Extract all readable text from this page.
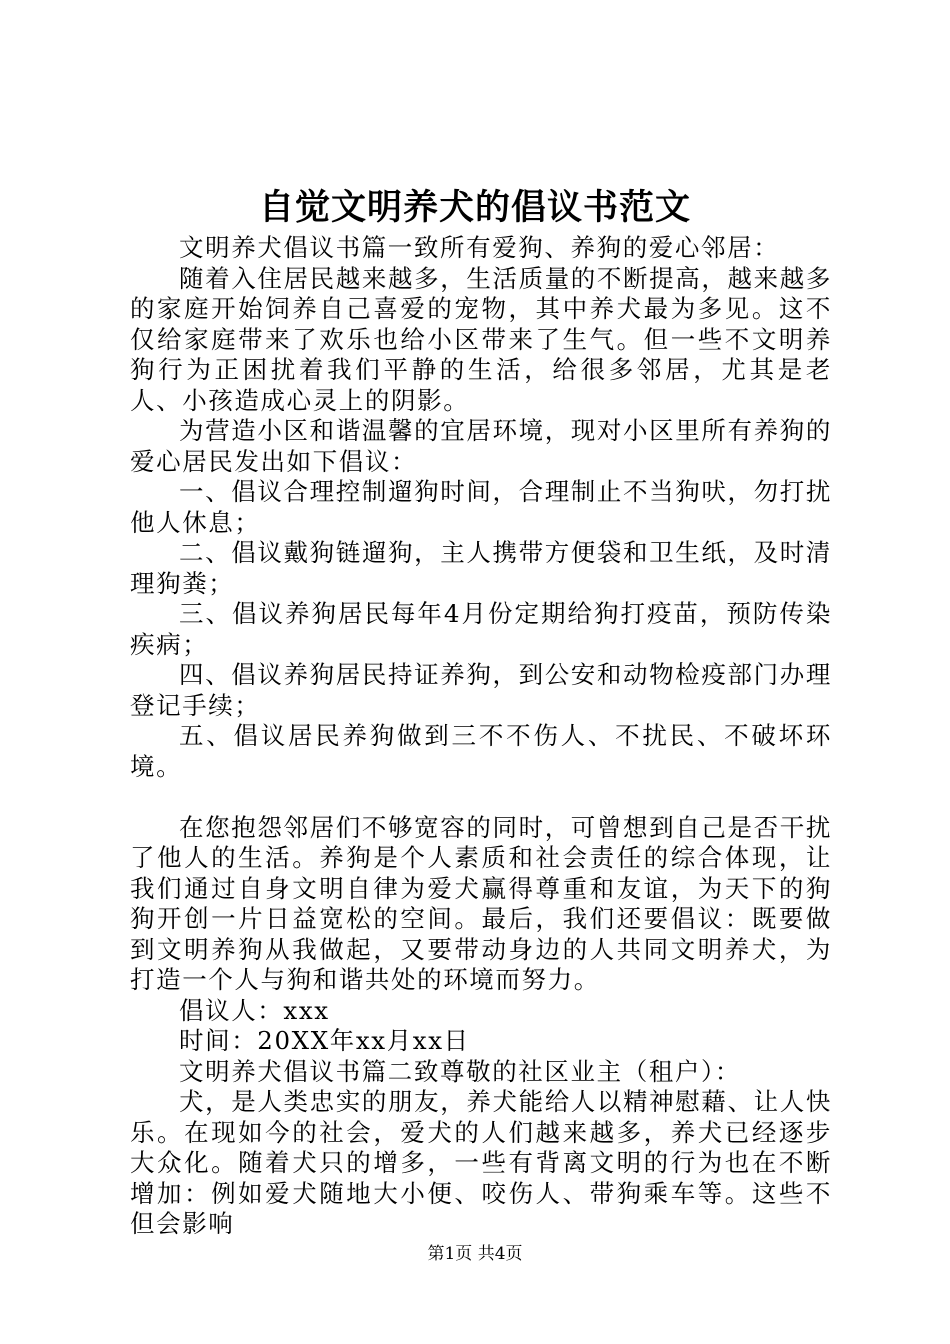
自觉文明养犬的倡议书范文

文明养犬倡议书篇一致所有爱狗、养狗的爱心邻居：

随着入住居民越来越多，生活质量的不断提高，越来越多的家庭开始饲养自己喜爱的宠物，其中养犬最为多见。这不仅给家庭带来了欢乐也给小区带来了生气。但一些不文明养狗行为正困扰着我们平静的生活，给很多邻居，尤其是老人、小孩造成心灵上的阴影。

为营造小区和谐温馨的宜居环境，现对小区里所有养狗的爱心居民发出如下倡议：

一、倡议合理控制遛狗时间，合理制止不当狗吠，勿打扰他人休息；

二、倡议戴狗链遛狗，主人携带方便袋和卫生纸，及时清理狗粪；

三、倡议养狗居民每年4月份定期给狗打疫苗，预防传染疾病；

四、倡议养狗居民持证养狗，到公安和动物检疫部门办理登记手续；

五、倡议居民养狗做到三不不伤人、不扰民、不破坏环境。

在您抱怨邻居们不够宽容的同时，可曾想到自己是否干扰了他人的生活。养狗是个人素质和社会责任的综合体现，让我们通过自身文明自律为爱犬赢得尊重和友谊，为天下的狗狗开创一片日益宽松的空间。最后，我们还要倡议：既要做到文明养狗从我做起，又要带动身边的人共同文明养犬，为打造一个人与狗和谐共处的环境而努力。

倡议人：xxx

时间：20XX年xx月xx日

文明养犬倡议书篇二致尊敬的社区业主（租户）：

犬，是人类忠实的朋友，养犬能给人以精神慰藉、让人快乐。在现如今的社会，爱犬的人们越来越多，养犬已经逐步大众化。随着犬只的增多，一些有背离文明的行为也在不断增加：例如爱犬随地大小便、咬伤人、带狗乘车等。这些不但会影响

第1页 共4页
